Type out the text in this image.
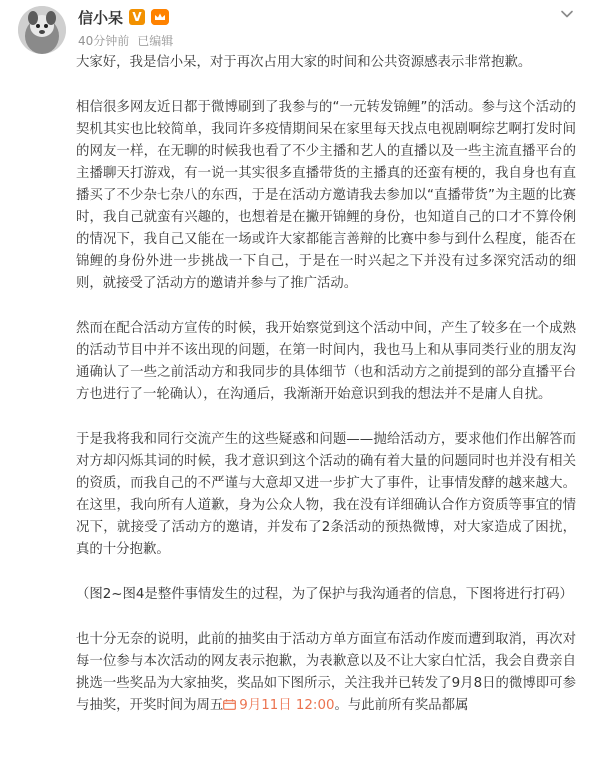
信小呆 V
40分钟前 已编辑

大家好，我是信小呆，对于再次占用大家的时间和公共资源感表示非常抱歉。

相信很多网友近日都于微博刷到了我参与的“一元转发锦鲤”的活动。参与这个活动的契机其实也比较简单，我同许多疫情期间呆在家里每天找点电视剧啊综艺啊打发时间的网友一样，在无聊的时候我也看了不少主播和艺人的直播以及一些主流直播平台的主播聊天打游戏，有一说一其实很多直播带货的主播真的还蛮有梗的，我自身也有直播买了不少杂七杂八的东西，于是在活动方邀请我去参加以“直播带货”为主题的比赛时，我自己就蛮有兴趣的，也想着是在撇开锦鲤的身份，也知道自己的口才不算伶俐的情况下，我自己又能在一场或许大家都能言善辩的比赛中参与到什么程度，能否在锦鲤的身份外进一步挑战一下自己，于是在一时兴起之下并没有过多深究活动的细则，就接受了活动方的邀请并参与了推广活动。

然而在配合活动方宣传的时候，我开始察觉到这个活动中间，产生了较多在一个成熟的活动节目中并不该出现的问题，在第一时间内，我也马上和从事同类行业的朋友沟通确认了一些之前活动方和我同步的具体细节（也和活动方之前提到的部分直播平台方也进行了一轮确认），在沟通后，我渐渐开始意识到我的想法并不是庸人自扰。

于是我将我和同行交流产生的这些疑惑和问题——抛给活动方，要求他们作出解答而对方却闪烁其词的时候，我才意识到这个活动的确有着大量的问题同时也并没有相关的资质，而我自己的不严谨与大意却又进一步扩大了事件，让事情发酵的越来越大。在这里，我向所有人道歉，身为公众人物，我在没有详细确认合作方资质等事宜的情况下，就接受了活动方的邀请，并发布了2条活动的预热微博，对大家造成了困扰，真的十分抱歉。

（图2~图4是整件事情发生的过程，为了保护与我沟通者的信息，下图将进行打码）

也十分无奈的说明，此前的抽奖由于活动方单方面宣布活动作废而遭到取消，再次对每一位参与本次活动的网友表示抱歉，为表歉意以及不让大家白忙活，我会自费亲自挑选一些奖品为大家抽奖，奖品如下图所示，关注我并已转发了9月8日的微博即可参与抽奖，开奖时间为周五 9月11日 12:00。与此前所有奖品都属
